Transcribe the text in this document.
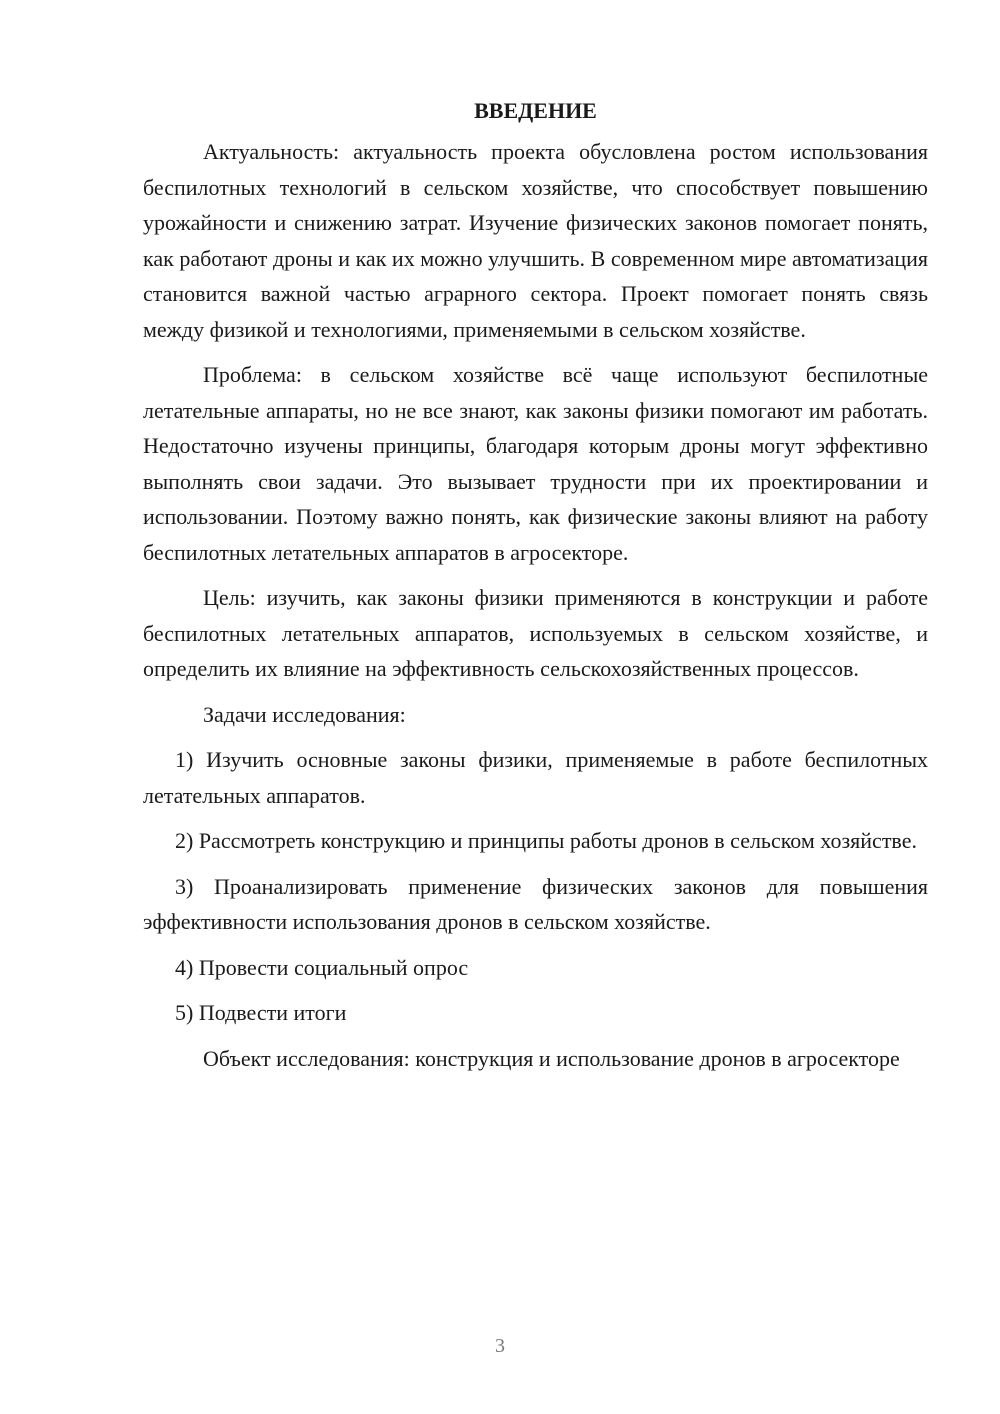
ВВЕДЕНИЕ

Актуальность: актуальность проекта обусловлена ростом использования беспилотных технологий в сельском хозяйстве, что способствует повышению урожайности и снижению затрат. Изучение физических законов помогает понять, как работают дроны и как их можно улучшить. В современном мире автоматизация становится важной частью аграрного сектора. Проект помогает понять связь между физикой и технологиями, применяемыми в сельском хозяйстве.

Проблема: в сельском хозяйстве всё чаще используют беспилотные летательные аппараты, но не все знают, как законы физики помогают им работать. Недостаточно изучены принципы, благодаря которым дроны могут эффективно выполнять свои задачи. Это вызывает трудности при их проектировании и использовании. Поэтому важно понять, как физические законы влияют на работу беспилотных летательных аппаратов в агросекторе.

Цель: изучить, как законы физики применяются в конструкции и работе беспилотных летательных аппаратов, используемых в сельском хозяйстве, и определить их влияние на эффективность сельскохозяйственных процессов.

Задачи исследования:

1) Изучить основные законы физики, применяемые в работе беспилотных летательных аппаратов.

2) Рассмотреть конструкцию и принципы работы дронов в сельском хозяйстве.

3) Проанализировать применение физических законов для повышения эффективности использования дронов в сельском хозяйстве.

4) Провести социальный опрос

5) Подвести итоги

Объект исследования: конструкция и использование дронов в агросекторе

3
